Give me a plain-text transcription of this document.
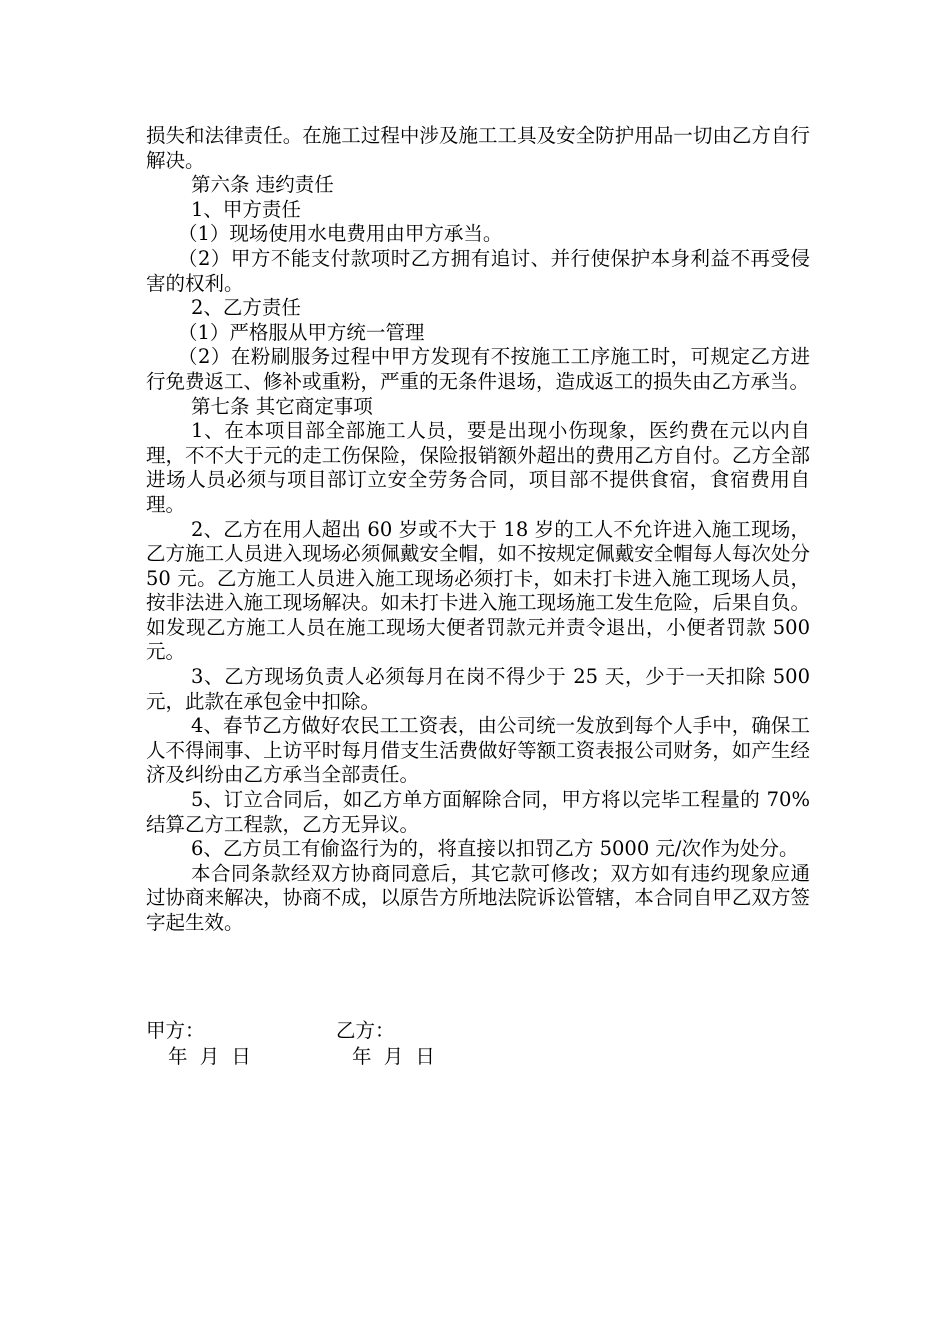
损失和法律责任。在施工过程中涉及施工工具及安全防护用品一切由乙方自行解决。

第六条 违约责任

1、甲方责任

（1）现场使用水电费用由甲方承当。

（2）甲方不能支付款项时乙方拥有追讨、并行使保护本身利益不再受侵害的权利。

2、乙方责任

（1）严格服从甲方统一管理

（2）在粉刷服务过程中甲方发现有不按施工工序施工时，可规定乙方进行免费返工、修补或重粉，严重的无条件退场，造成返工的损失由乙方承当。

第七条 其它商定事项

1、在本项目部全部施工人员，要是出现小伤现象，医约费在元以内自理，不不大于元的走工伤保险，保险报销额外超出的费用乙方自付。乙方全部进场人员必须与项目部订立安全劳务合同，项目部不提供食宿，食宿费用自理。

2、乙方在用人超出 60 岁或不大于 18 岁的工人不允许进入施工现场，乙方施工人员进入现场必须佩戴安全帽，如不按规定佩戴安全帽每人每次处分 50 元。乙方施工人员进入施工现场必须打卡，如未打卡进入施工现场人员，按非法进入施工现场解决。如未打卡进入施工现场施工发生危险，后果自负。如发现乙方施工人员在施工现场大便者罚款元并责令退出，小便者罚款 500 元。

3、乙方现场负责人必须每月在岗不得少于 25 天，少于一天扣除 500 元，此款在承包金中扣除。

4、春节乙方做好农民工工资表，由公司统一发放到每个人手中，确保工人不得闹事、上访平时每月借支生活费做好等额工资表报公司财务，如产生经济及纠纷由乙方承当全部责任。

5、订立合同后，如乙方单方面解除合同，甲方将以完毕工程量的 70%结算乙方工程款，乙方无异议。

6、乙方员工有偷盗行为的，将直接以扣罚乙方 5000 元/次作为处分。

本合同条款经双方协商同意后，其它款可修改；双方如有违约现象应通过协商来解决，协商不成，以原告方所地法院诉讼管辖，本合同自甲乙双方签字起生效。

甲方：	乙方：
年 月 日	年 月 日
